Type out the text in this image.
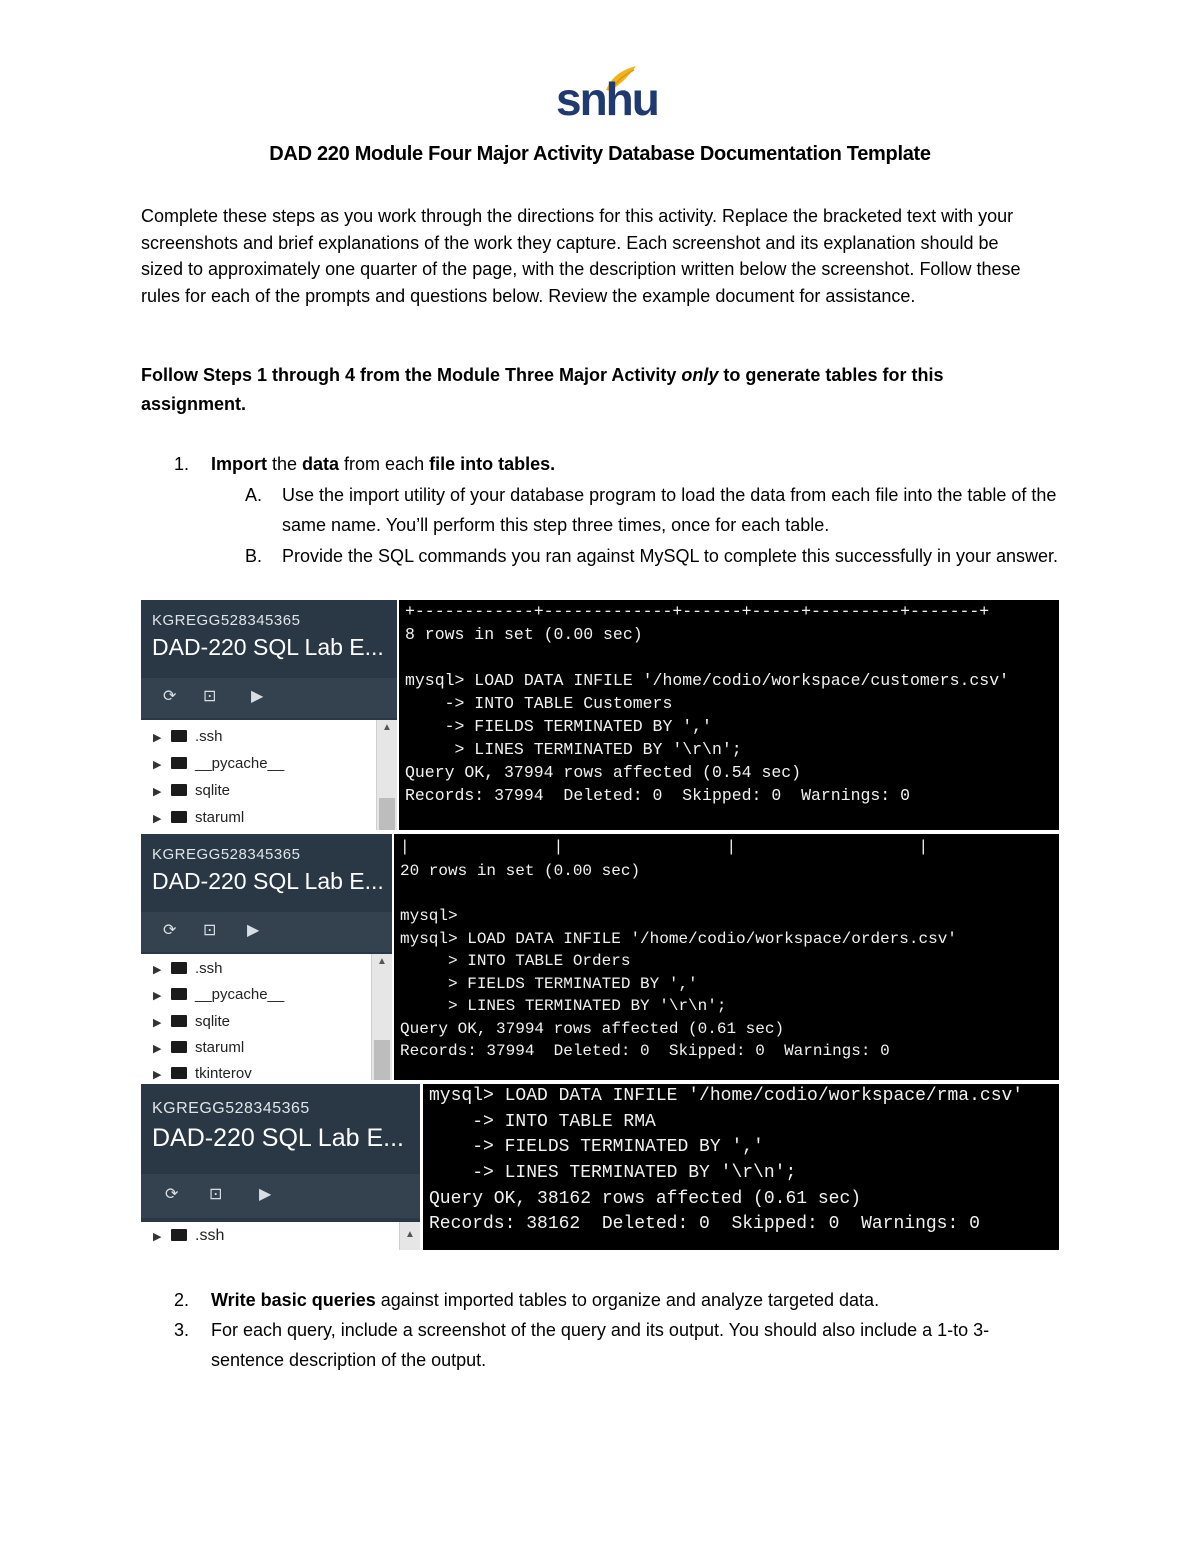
snhu
DAD 220 Module Four Major Activity Database Documentation Template

Complete these steps as you work through the directions for this activity. Replace the bracketed text with your screenshots and brief explanations of the work they capture. Each screenshot and its explanation should be sized to approximately one quarter of the page, with the description written below the screenshot. Follow these rules for each of the prompts and questions below. Review the example document for assistance.

Follow Steps 1 through 4 from the Module Three Major Activity only to generate tables for this assignment.
1. Import the data from each file into tables.
A. Use the import utility of your database program to load the data from each file into the table of the same name. You’ll perform this step three times, once for each table.
B. Provide the SQL commands you ran against MySQL to complete this successfully in your answer.
KGREGG528345365
DAD-220 SQL Lab E...
⟳ ⊡ ▶
▶ .ssh
▶ __pycache__
▶ sqlite
▶ staruml
▲
+------------+-------------+------+-----+---------+-------+
8 rows in set (0.00 sec)
mysql> LOAD DATA INFILE '/home/codio/workspace/customers.csv'
-> INTO TABLE Customers
-> FIELDS TERMINATED BY ','
> LINES TERMINATED BY '\r\n';
Query OK, 37994 rows affected (0.54 sec)
Records: 37994  Deleted: 0  Skipped: 0  Warnings: 0
KGREGG528345365
DAD-220 SQL Lab E...
⟳ ⊡ ▶
▶ .ssh
▶ __pycache__
▶ sqlite
▶ staruml
▶ tkinterov
▲
|               |                 |                   |
20 rows in set (0.00 sec)
mysql>
mysql> LOAD DATA INFILE '/home/codio/workspace/orders.csv'
> INTO TABLE Orders
> FIELDS TERMINATED BY ','
> LINES TERMINATED BY '\r\n';
Query OK, 37994 rows affected (0.61 sec)
Records: 37994  Deleted: 0  Skipped: 0  Warnings: 0
KGREGG528345365
DAD-220 SQL Lab E...
⟳ ⊡ ▶
▶ .ssh	▲
mysql> LOAD DATA INFILE '/home/codio/workspace/rma.csv'
-> INTO TABLE RMA
-> FIELDS TERMINATED BY ','
-> LINES TERMINATED BY '\r\n';
Query OK, 38162 rows affected (0.61 sec)
Records: 38162  Deleted: 0  Skipped: 0  Warnings: 0
2. Write basic queries against imported tables to organize and analyze targeted data.
3. For each query, include a screenshot of the query and its output. You should also include a 1-to 3-sentence description of the output.
